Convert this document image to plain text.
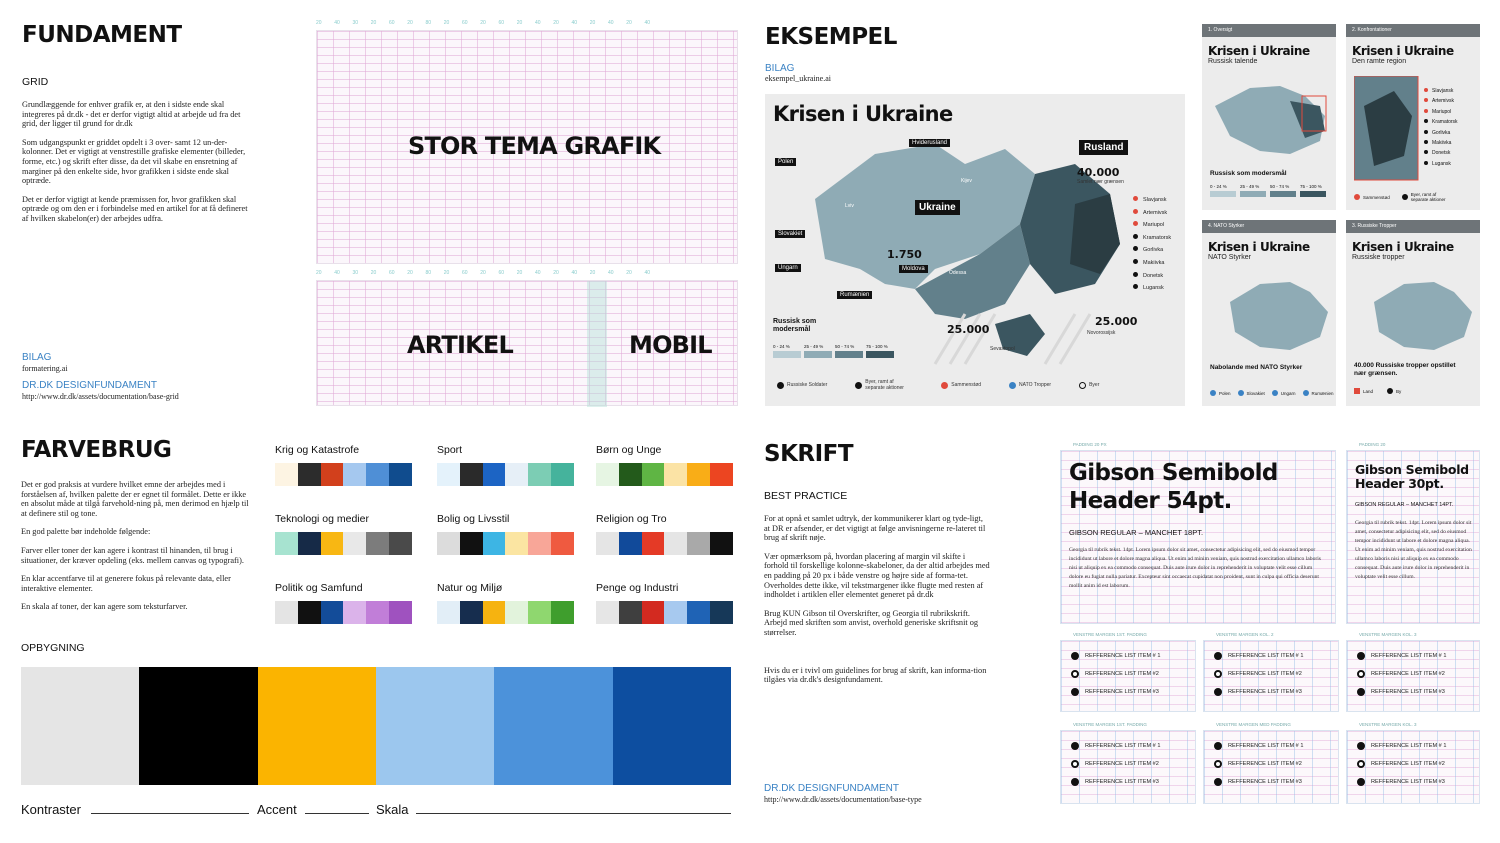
FUNDAMENT
GRID

Grundlæggende for enhver grafik er, at den i sidste ende skal integreres på dr.dk - det er derfor vigtigt altid at arbejde ud fra det grid, der ligger til grund for dr.dk

Som udgangspunkt er griddet opdelt i 3 over- samt 12 un-der-kolonner. Det er vigtigt at venstrestille grafiske elementer (billeder, forme, etc.) og skrift efter disse, da det vil skabe en ensretning af marginer på den enkelte side, hvor grafikken i sidste ende skal optræde.

Det er derfor vigtigt at kende præmissen for, hvor grafikken skal optræde og om den er i forbindelse med en artikel for at få defineret af hvilken skabelon(er) der arbejdes udfra.

BILAG
formatering.ai
DR.DK DESIGNFUNDAMENT
http://www.dr.dk/assets/documentation/base-grid
STOR TEMA GRAFIK
20	40	30	20	60	20	80	20	60	20	60	20	40	20	40	20	40	20	40
ARTIKEL	MOBIL
20	40	30	20	60	20	80	20	60	20	60	20	40	20	40	20	40	20	40
EKSEMPEL
BILAG
eksempel_ukraine.ai
Krisen i Ukraine
Hviderusland	Rusland
Ukraine
Polen
Slovakiet
Ungarn	Moldova
Rumænien
Kijev
Lviv
Odessa
Sevastopol
Novorossijsk
40.000
Samlet nær grænsen
1.750
25.000
25.000
Slavjansk
Artemivsk
Mariupol
Kramatorsk
Gorlivka
Makiivka
Donetsk
Lugansk
Russisk som modersmål
0 - 24 %	25 - 49 %	50 - 74 %	75 - 100 %
Russiske Soldater	Byer, ramt af separate aktioner	Sammenstød	NATO Tropper	Byer
1. Oversigt
Krisen i Ukraine
Russisk talende
Russisk som modersmål
0 - 24 %	25 - 49 %	50 - 74 %	75 - 100 %
2. Konfrontationer
Krisen i Ukraine
Den ramte region
Slavjansk
Artemivsk
Mariupol
Kramatorsk
Gorlivka
Makiivka
Donetsk
Lugansk
Sammenstød	Byer, ramt af separate aktioner
4. NATO Styrker
Krisen i Ukraine
NATO Styrker
Nabolande med NATO Styrker
Polen	Slovakiet	Ungarn	Rumænien
3. Russiske Tropper
Krisen i Ukraine
Russiske tropper
40.000 Russiske tropper opstillet nær grænsen.
Land	By
FARVEBRUG

Det er god praksis at vurdere hvilket emne der arbejdes med i forståelsen af, hvilken palette der er egnet til formålet. Dette er ikke en absolut måde at tilgå farvehold-ning på, men derimod en hjælp til at definere stil og tone.

En god palette bør indeholde følgende:

Farver eller toner der kan agere i kontrast til hinanden, til brug i situationer, der kræver opdeling (eks. mellem canvas og typografi).

En klar accentfarve til at generere fokus på relevante data, eller interaktive elementer.

En skala af toner, der kan agere som teksturfarver.

OPBYGNING
Krig og Katastrofe	Sport	Børn og Unge
Teknologi og medier	Bolig og Livsstil	Religion og Tro
Politik og Samfund	Natur og Miljø	Penge og Industri
Kontraster	Accent	Skala
SKRIFT
BEST PRACTICE

For at opnå et samlet udtryk, der kommunikerer klart og tyde-ligt, at DR er afsender, er det vigtigt at følge anvisningerne re-lateret til brug af skrift nøje.

Vær opmærksom på, hvordan placering af margin vil skifte i forhold til forskellige kolonne-skabeloner, da der altid arbejdes med en padding på 20 px i både venstre og højre side af forma-tet. Overholdes dette ikke, vil tekstmargener ikke flugte med resten af indholdet i artiklen eller elementet generet på dr.dk

Brug KUN Gibson til Overskrifter, og Georgia til rubrikskrift. Arbejd med skriften som anvist, overhold generiske skriftsnit og størrelser.

Hvis du er i tvivl om guidelines for brug af skrift, kan informa-tion tilgåes via dr.dk's designfundament.

DR.DK DESIGNFUNDAMENT
http://www.dr.dk/assets/documentation/base-type
PADDING 20 PX
Gibson Semibold Header 54pt.
GIBSON REGULAR – MANCHET 18PT.
Georgia til rubrik tekst. 14pt. Lorem ipsum dolor sit amet, consectetur adipisicing elit, sed do eiusmod tempor incididunt ut labore et dolore magna aliqua. Ut enim ad minim veniam, quis nostrud exercitation ullamco laboris nisi ut aliquip ex ea commodo consequat. Duis aute irure dolor in reprehenderit in voluptate velit esse cillum dolore eu fugiat nulla pariatur. Excepteur sint occaecat cupidatat non proident, sunt in culpa qui officia deserunt mollit anim id est laborum.
PADDING 20
Gibson Semibold Header 30pt.
GIBSON REGULAR – MANCHET 14PT.
Georgia til rubrik tekst. 14pt. Lorem ipsum dolor sit amet, consectetur adipisicing elit, sed do eiusmod tempor incididunt ut labore et dolore magna aliqua. Ut enim ad minim veniam, quis nostrud exercitation ullamco laboris nisi ut aliquip ex ea commodo consequat. Duis aute irure dolor in reprehenderit in voluptate velit esse cillum.
VENSTRE MARGEN 1ST. PADDING
REFFERENCE LIST ITEM # 1
REFFERENCE LIST ITEM #2
REFFERENCE LIST ITEM #3
VENSTRE MARGEN KOL. 2
REFFERENCE LIST ITEM # 1
REFFERENCE LIST ITEM #2
REFFERENCE LIST ITEM #3
VENSTRE MARGEN KOL. 3
REFFERENCE LIST ITEM # 1
REFFERENCE LIST ITEM #2
REFFERENCE LIST ITEM #3
VENSTRE MARGEN 1ST. PADDING
REFFERENCE LIST ITEM # 1
REFFERENCE LIST ITEM #2
REFFERENCE LIST ITEM #3
VENSTRE MARGEN MED PADDING
REFFERENCE LIST ITEM # 1
REFFERENCE LIST ITEM #2
REFFERENCE LIST ITEM #3
VENSTRE MARGEN KOL. 3
REFFERENCE LIST ITEM # 1
REFFERENCE LIST ITEM #2
REFFERENCE LIST ITEM #3
